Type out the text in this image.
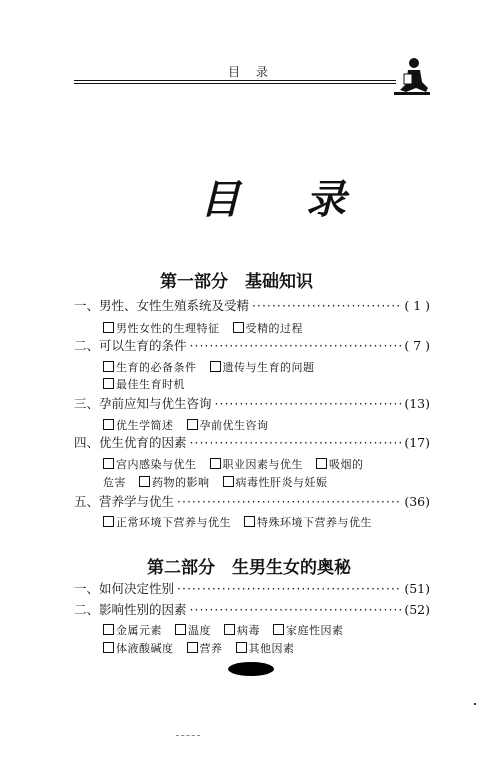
目 录
目 录
第一部分　基础知识
一、男性、女性生殖系统及受精 ·····	( 1 )
男性女性的生理特征 受精的过程
二、可以生育的条件 ·····	( 7 )
生育的必备条件 遗传与生育的问题
最佳生育时机
三、孕前应知与优生咨询 ·····	(13)
优生学简述 孕前优生咨询
四、优生优育的因素 ·····	(17)
宫内感染与优生 职业因素与优生 吸烟的
危害 药物的影响 病毒性肝炎与妊娠
五、营养学与优生 ·····	(36)
正常环境下营养与优生 特殊环境下营养与优生
第二部分　生男生女的奥秘
一、如何决定性别 ·····	(51)
二、影响性别的因素 ·····	(52)
金属元素 温度 病毒 家庭性因素
体液酸碱度 营养 其他因素
